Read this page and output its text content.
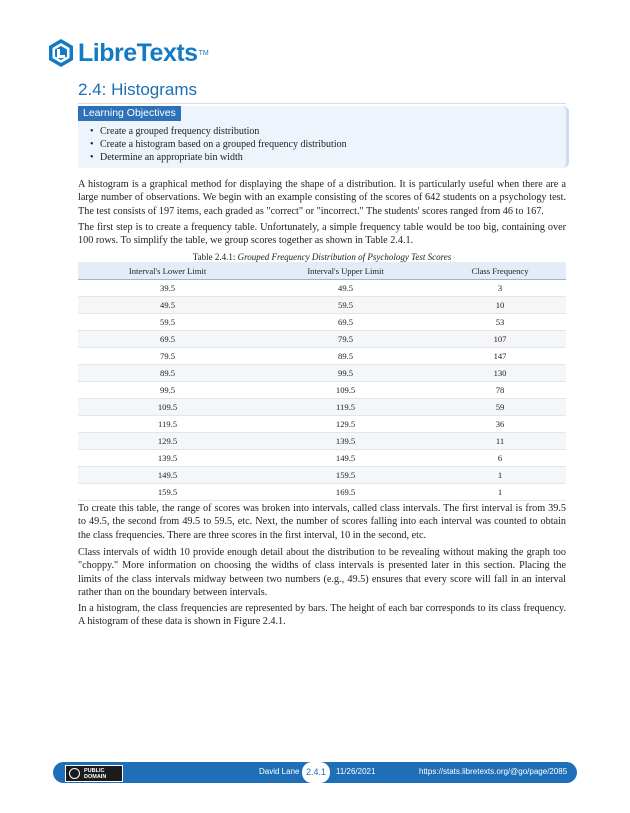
LibreTexts TM
2.4: Histograms
Learning Objectives
• Create a grouped frequency distribution
• Create a histogram based on a grouped frequency distribution
• Determine an appropriate bin width

A histogram is a graphical method for displaying the shape of a distribution. It is particularly useful when there are a large number of observations. We begin with an example consisting of the scores of 642 students on a psychology test. The test consists of 197 items, each graded as "correct" or "incorrect." The students' scores ranged from 46 to 167.

The first step is to create a frequency table. Unfortunately, a simple frequency table would be too big, containing over 100 rows. To simplify the table, we group scores together as shown in Table 2.4.1.

Table 2.4.1: Grouped Frequency Distribution of Psychology Test Scores
Interval's Lower Limit	Interval's Upper Limit	Class Frequency
39.5	49.5	3
49.5	59.5	10
59.5	69.5	53
69.5	79.5	107
79.5	89.5	147
89.5	99.5	130
99.5	109.5	78
109.5	119.5	59
119.5	129.5	36
129.5	139.5	11
139.5	149.5	6
149.5	159.5	1
159.5	169.5	1

To create this table, the range of scores was broken into intervals, called class intervals. The first interval is from 39.5 to 49.5, the second from 49.5 to 59.5, etc. Next, the number of scores falling into each interval was counted to obtain the class frequencies. There are three scores in the first interval, 10 in the second, etc.

Class intervals of width 10 provide enough detail about the distribution to be revealing without making the graph too "choppy." More information on choosing the widths of class intervals is presented later in this section. Placing the limits of the class intervals midway between two numbers (e.g., 49.5) ensures that every score will fall in an interval rather than on the boundary between intervals.

In a histogram, the class frequencies are represented by bars. The height of each bar corresponds to its class frequency. A histogram of these data is shown in Figure 2.4.1.

PUBLIC
DOMAIN
David Lane 2.4.1	11/26/2021	https://stats.libretexts.org/@go/page/2085
